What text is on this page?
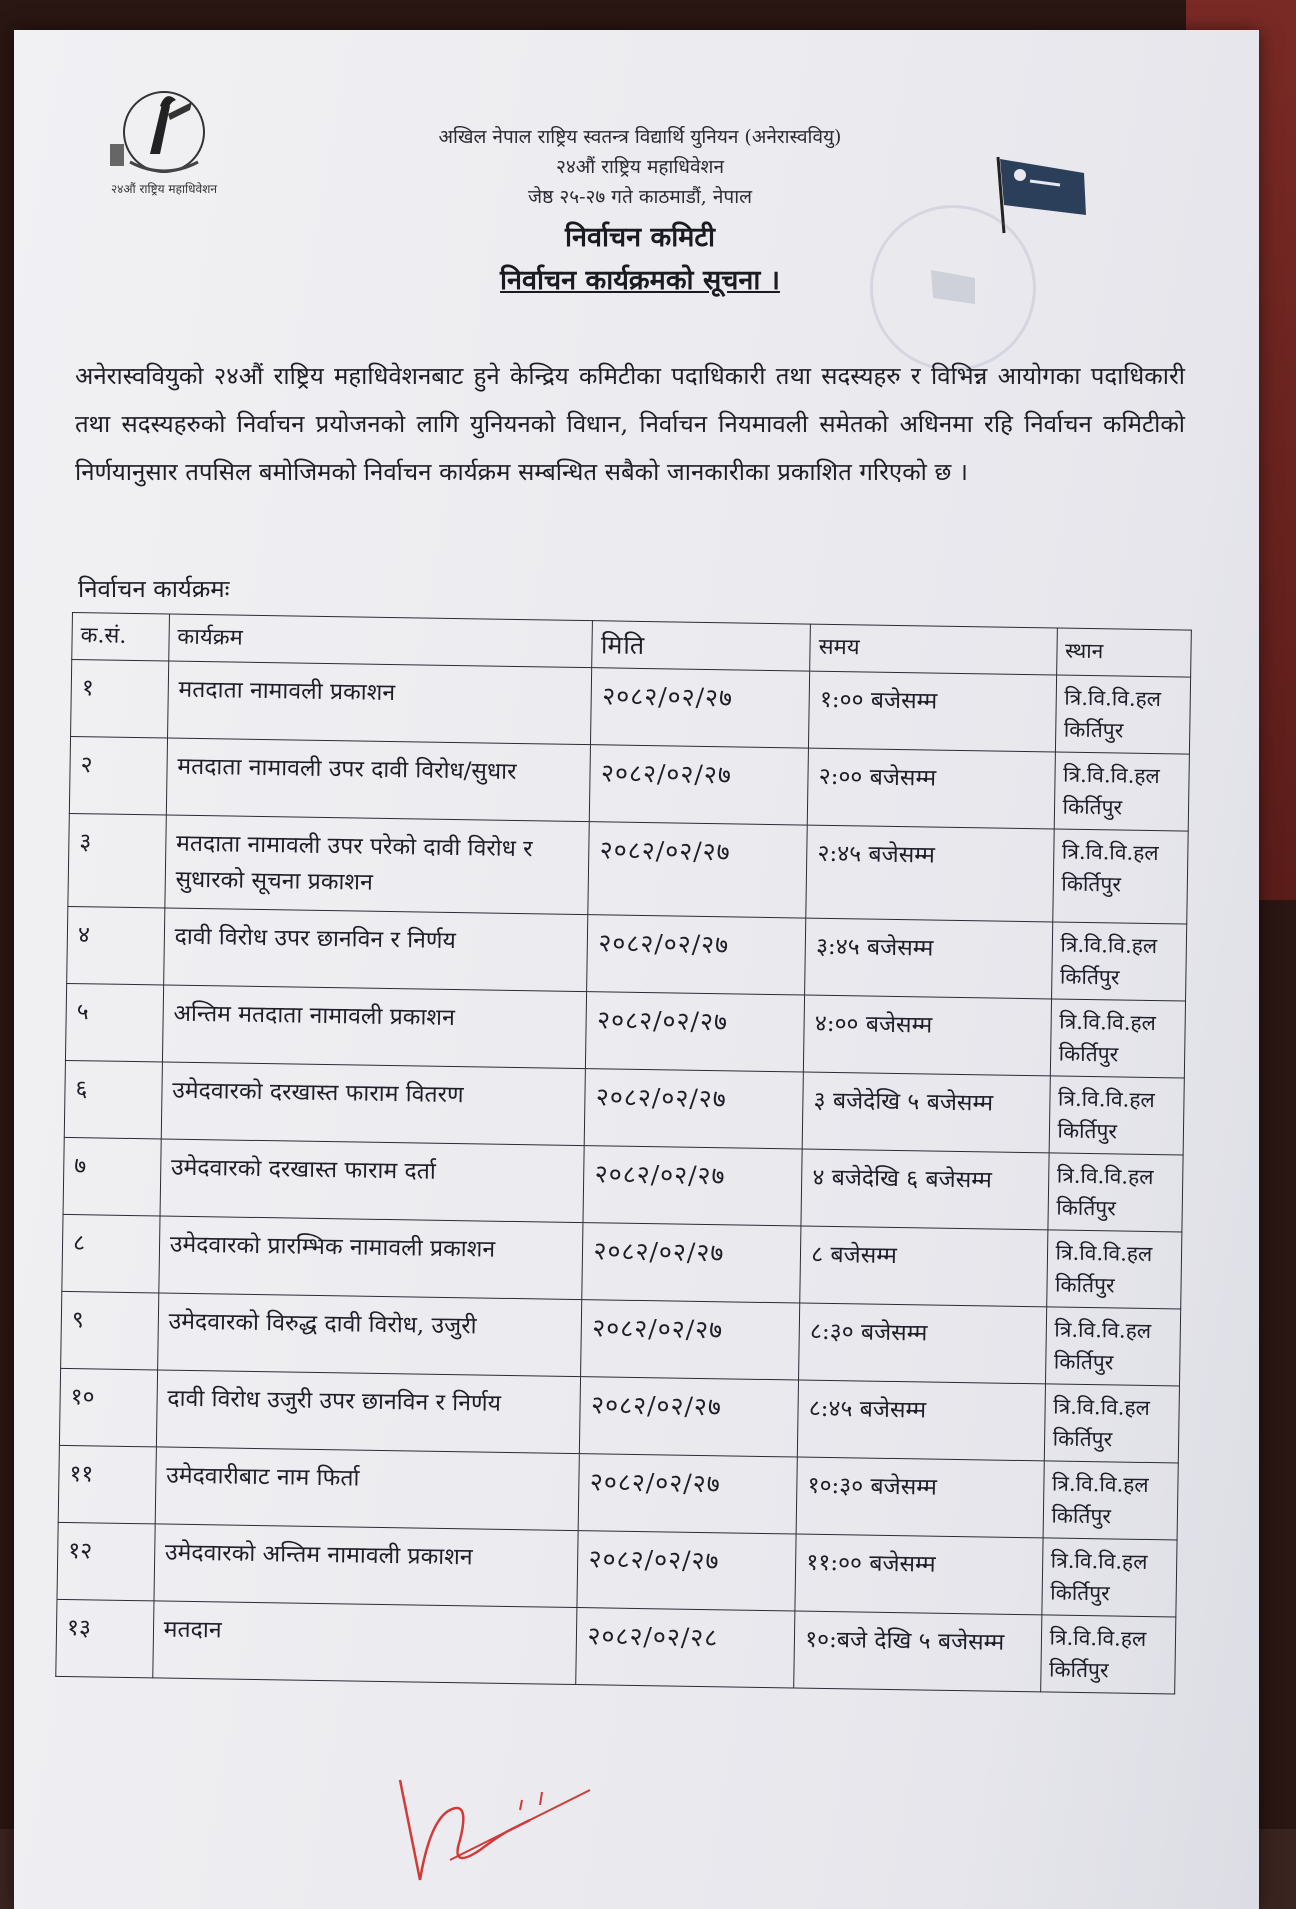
२४औं राष्ट्रिय महाधिवेशन
अखिल नेपाल राष्ट्रिय स्वतन्त्र विद्यार्थि युनियन (अनेरास्ववियु)
२४औं राष्ट्रिय महाधिवेशन
जेष्ठ २५-२७ गते काठमाडौं, नेपाल
निर्वाचन कमिटी
निर्वाचन कार्यक्रमको सूचना ।
अनेरास्ववियुको २४औं राष्ट्रिय महाधिवेशनबाट हुने केन्द्रिय कमिटीका पदाधिकारी तथा सदस्यहरु र विभिन्न आयोगका पदाधिकारी तथा सदस्यहरुको निर्वाचन प्रयोजनको लागि युनियनको विधान, निर्वाचन नियमावली समेतको अधिनमा रहि निर्वाचन कमिटीको निर्णयानुसार तपसिल बमोजिमको निर्वाचन कार्यक्रम सम्बन्धित सबैको जानकारीका प्रकाशित गरिएको छ ।
निर्वाचन कार्यक्रमः
क.सं.	कार्यक्रम	मिति	समय	स्थान
१	मतदाता नामावली प्रकाशन	२०८२/०२/२७	१:०० बजेसम्म	त्रि.वि.वि.हल किर्तिपुर
२	मतदाता नामावली उपर दावी विरोध/सुधार	२०८२/०२/२७	२:०० बजेसम्म	त्रि.वि.वि.हल किर्तिपुर
३	मतदाता नामावली उपर परेको दावी विरोध र सुधारको सूचना प्रकाशन	२०८२/०२/२७	२:४५ बजेसम्म	त्रि.वि.वि.हल किर्तिपुर
४	दावी विरोध उपर छानविन र निर्णय	२०८२/०२/२७	३:४५ बजेसम्म	त्रि.वि.वि.हल किर्तिपुर
५	अन्तिम मतदाता नामावली प्रकाशन	२०८२/०२/२७	४:०० बजेसम्म	त्रि.वि.वि.हल किर्तिपुर
६	उमेदवारको दरखास्त फाराम वितरण	२०८२/०२/२७	३ बजेदेखि ५ बजेसम्म	त्रि.वि.वि.हल किर्तिपुर
७	उमेदवारको दरखास्त फाराम दर्ता	२०८२/०२/२७	४ बजेदेखि ६ बजेसम्म	त्रि.वि.वि.हल किर्तिपुर
८	उमेदवारको प्रारम्भिक नामावली प्रकाशन	२०८२/०२/२७	८ बजेसम्म	त्रि.वि.वि.हल किर्तिपुर
९	उमेदवारको विरुद्ध दावी विरोध, उजुरी	२०८२/०२/२७	८:३० बजेसम्म	त्रि.वि.वि.हल किर्तिपुर
१०	दावी विरोध उजुरी उपर छानविन र निर्णय	२०८२/०२/२७	८:४५ बजेसम्म	त्रि.वि.वि.हल किर्तिपुर
११	उमेदवारीबाट नाम फिर्ता	२०८२/०२/२७	१०:३० बजेसम्म	त्रि.वि.वि.हल किर्तिपुर
१२	उमेदवारको अन्तिम नामावली प्रकाशन	२०८२/०२/२७	११:०० बजेसम्म	त्रि.वि.वि.हल किर्तिपुर
१३	मतदान	२०८२/०२/२८	१०:बजे देखि ५ बजेसम्म	त्रि.वि.वि.हल किर्तिपुर
